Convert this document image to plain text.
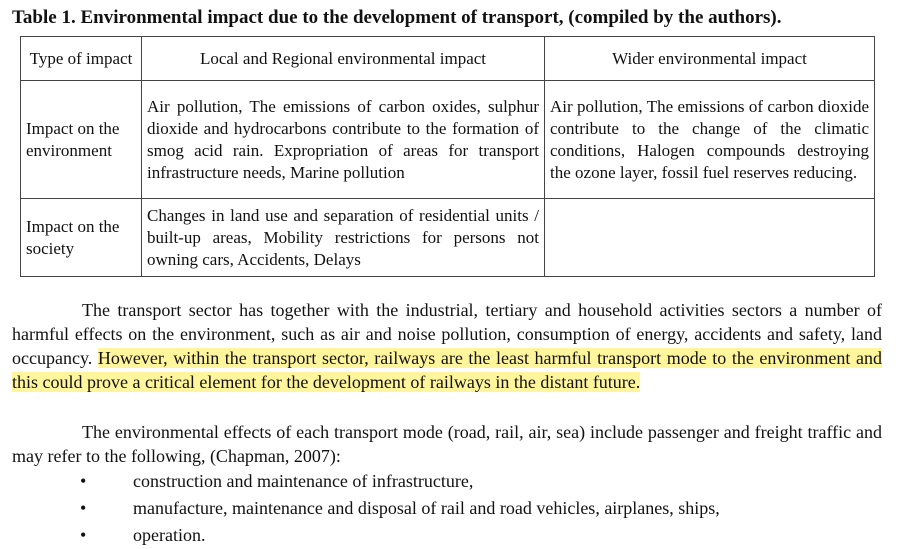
Table 1. Environmental impact due to the development of transport, (compiled by the authors).
Type of impact	Local and Regional environmental impact	Wider environmental impact
Impact on the environment	Air pollution, The emissions of carbon oxides, sulphur dioxide and hydrocarbons contribute to the formation of smog acid rain. Expropriation of areas for transport infrastructure needs, Marine pollution	Air pollution, The emissions of carbon dioxide contribute to the change of the climatic conditions, Halogen compounds destroying the ozone layer, fossil fuel reserves reducing.
Impact on the society	Changes in land use and separation of residential units / built-up areas, Mobility restrictions for persons not owning cars, Accidents, Delays	

The transport sector has together with the industrial, tertiary and household activities sectors a number of harmful effects on the environment, such as air and noise pollution, consumption of energy, accidents and safety, land occupancy. However, within the transport sector, railways are the least harmful transport mode to the environment and this could prove a critical element for the development of railways in the distant future.

The environmental effects of each transport mode (road, rail, air, sea) include passenger and freight traffic and may refer to the following, (Chapman, 2007):

•	construction and maintenance of infrastructure,
•	manufacture, maintenance and disposal of rail and road vehicles, airplanes, ships,
•	operation.
